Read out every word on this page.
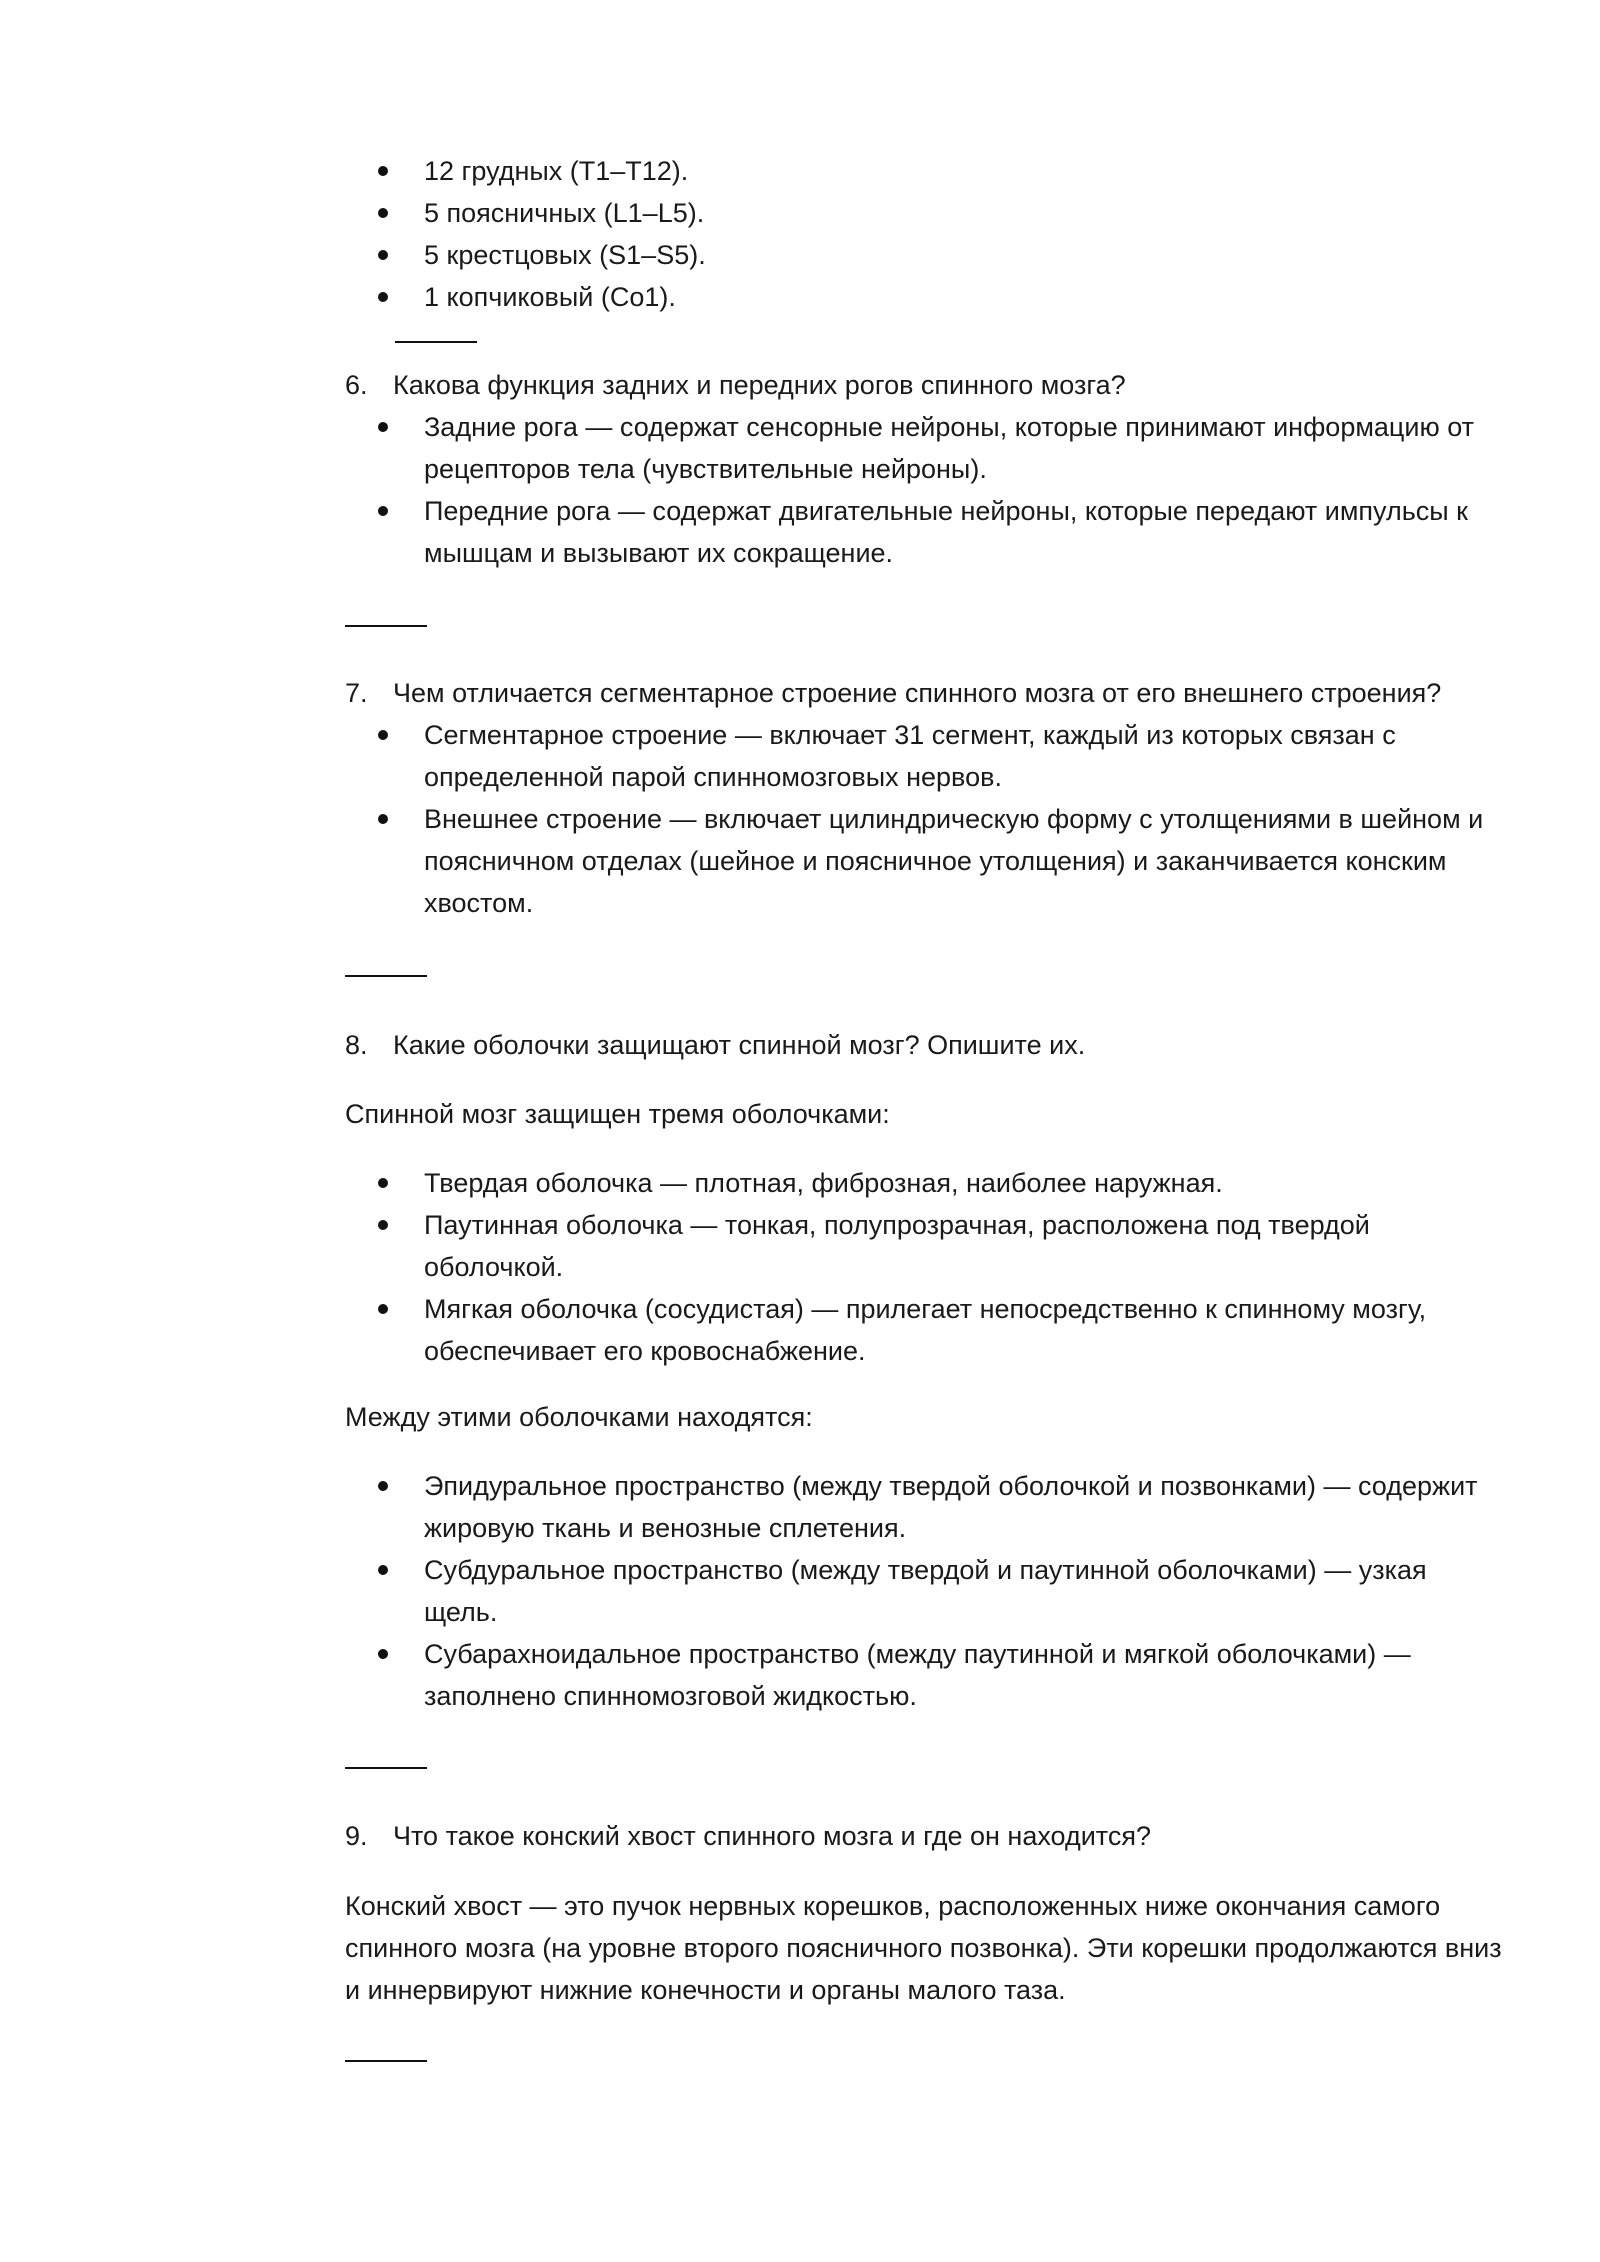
12 грудных (T1–T12).
5 поясничных (L1–L5).
5 крестцовых (S1–S5).
1 копчиковый (Co1).
6. Какова функция задних и передних рогов спинного мозга?
Задние рога — содержат сенсорные нейроны, которые принимают информацию от рецепторов тела (чувствительные нейроны).
Передние рога — содержат двигательные нейроны, которые передают импульсы к мышцам и вызывают их сокращение.
7. Чем отличается сегментарное строение спинного мозга от его внешнего строения?
Сегментарное строение — включает 31 сегмент, каждый из которых связан с определенной парой спинномозговых нервов.
Внешнее строение — включает цилиндрическую форму с утолщениями в шейном и поясничном отделах (шейное и поясничное утолщения) и заканчивается конским хвостом.
8. Какие оболочки защищают спинной мозг? Опишите их.
Спинной мозг защищен тремя оболочками:
Твердая оболочка — плотная, фиброзная, наиболее наружная.
Паутинная оболочка — тонкая, полупрозрачная, расположена под твердой оболочкой.
Мягкая оболочка (сосудистая) — прилегает непосредственно к спинному мозгу, обеспечивает его кровоснабжение.
Между этими оболочками находятся:
Эпидуральное пространство (между твердой оболочкой и позвонками) — содержит жировую ткань и венозные сплетения.
Субдуральное пространство (между твердой и паутинной оболочками) — узкая щель.
Субарахноидальное пространство (между паутинной и мягкой оболочками) — заполнено спинномозговой жидкостью.
9. Что такое конский хвост спинного мозга и где он находится?
Конский хвост — это пучок нервных корешков, расположенных ниже окончания самого спинного мозга (на уровне второго поясничного позвонка). Эти корешки продолжаются вниз и иннервируют нижние конечности и органы малого таза.
